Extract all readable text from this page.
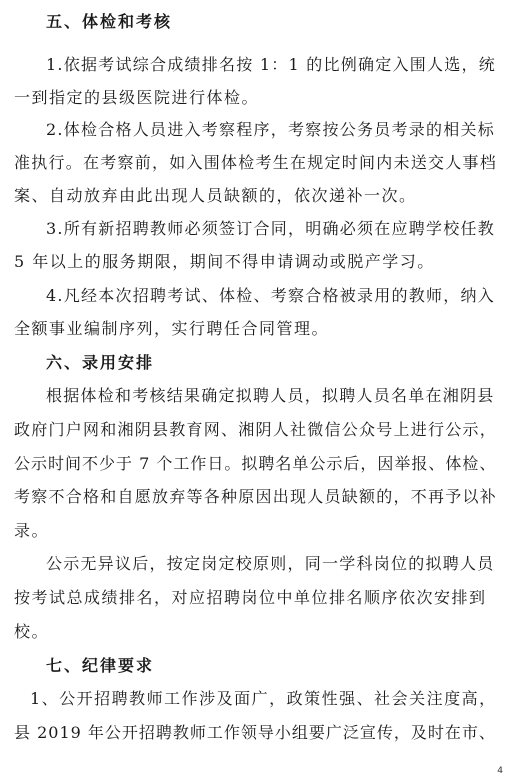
五、体检和考核
1.依据考试综合成绩排名按 1：1 的比例确定入围人选，统
一到指定的县级医院进行体检。
2.体检合格人员进入考察程序，考察按公务员考录的相关标
准执行。在考察前，如入围体检考生在规定时间内未送交人事档
案、自动放弃由此出现人员缺额的，依次递补一次。
3.所有新招聘教师必须签订合同，明确必须在应聘学校任教
5 年以上的服务期限，期间不得申请调动或脱产学习。
4.凡经本次招聘考试、体检、考察合格被录用的教师，纳入
全额事业编制序列，实行聘任合同管理。
六、录用安排
根据体检和考核结果确定拟聘人员，拟聘人员名单在湘阴县
政府门户网和湘阴县教育网、湘阴人社微信公众号上进行公示，
公示时间不少于 7 个工作日。拟聘名单公示后，因举报、体检、
考察不合格和自愿放弃等各种原因出现人员缺额的，不再予以补
录。
公示无异议后，按定岗定校原则，同一学科岗位的拟聘人员
按考试总成绩排名，对应招聘岗位中单位排名顺序依次安排到
校。
七、纪律要求
1、公开招聘教师工作涉及面广，政策性强、社会关注度高，
县 2019 年公开招聘教师工作领导小组要广泛宣传，及时在市、
4
